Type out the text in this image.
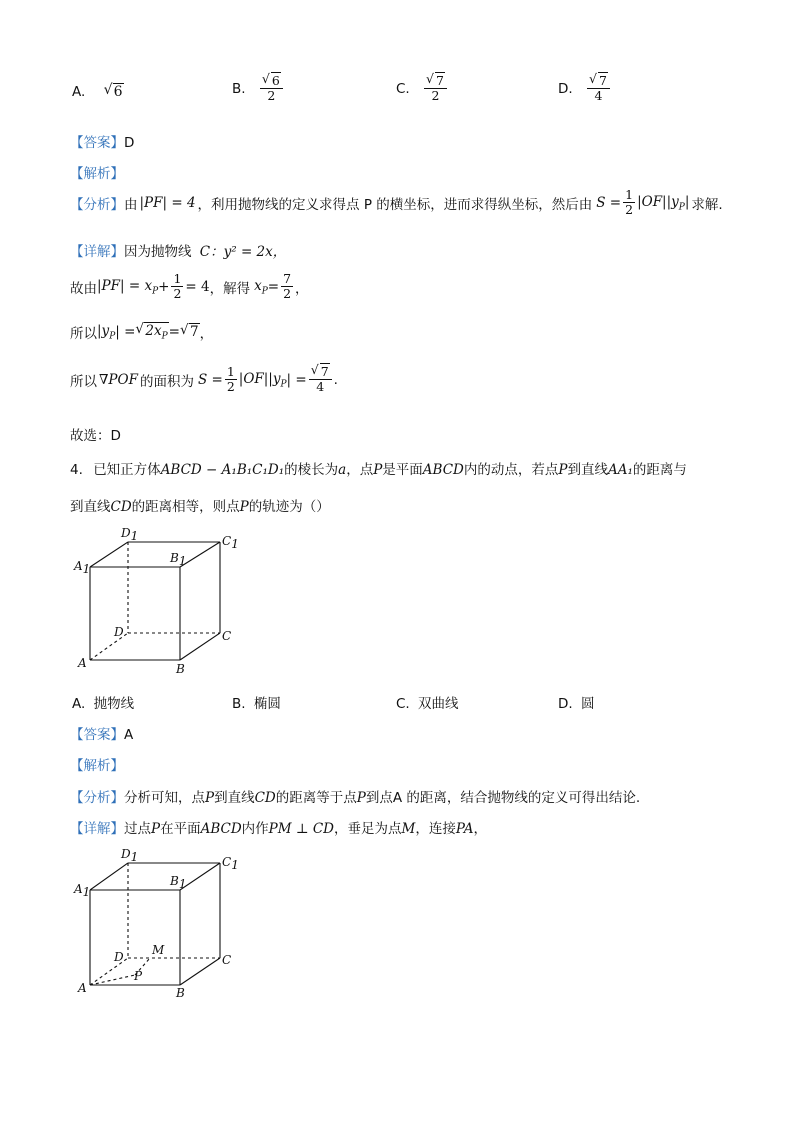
A. √ 6	B. √ $\frac{6}{2}$	C. √ $\frac{7}{2}$	D. √ $\frac{7}{4}$
【答案】D
【解析】
【分析】 由 |PF| = 4 ，利用抛物线的定义求得点 P 的横坐标，进而求得纵坐标，然后由 $S = \frac{1}{2} |OF||y_P|$ 求解.
【详解】因为抛物线 C：y² = 2x，
故由 $|PF| = x_P + \frac{1}{2} = 4$ ，解得 $x_P = \frac{7}{2}$ ，
所以 $|y_P$ | = √ $2x_P$ = √ 7 ，
所以 ∇POF 的面积为 $S = \frac{1}{2} |OF||y_P$ | = √ $\frac{7}{4}$ .
故选：D
4. 已知正方体ABCD − A₁B₁C₁D₁的棱长为a，点P是平面ABCD内的动点，若点P到直线AA₁的距离与
到直线CD的距离相等，则点P的轨迹为（）
A1
D1
B1
C1
D	C
A	B
A. 抛物线	B. 椭圆	C. 双曲线	D. 圆
【答案】A
【解析】
【分析】分析可知，点P到直线CD的距离等于点P到点A 的距离，结合抛物线的定义可得出结论.
【详解】过点P在平面ABCD内作PM ⊥ CD，垂足为点M，连接PA，
A1
D1
B1
C1
D M
P
C
A	B
